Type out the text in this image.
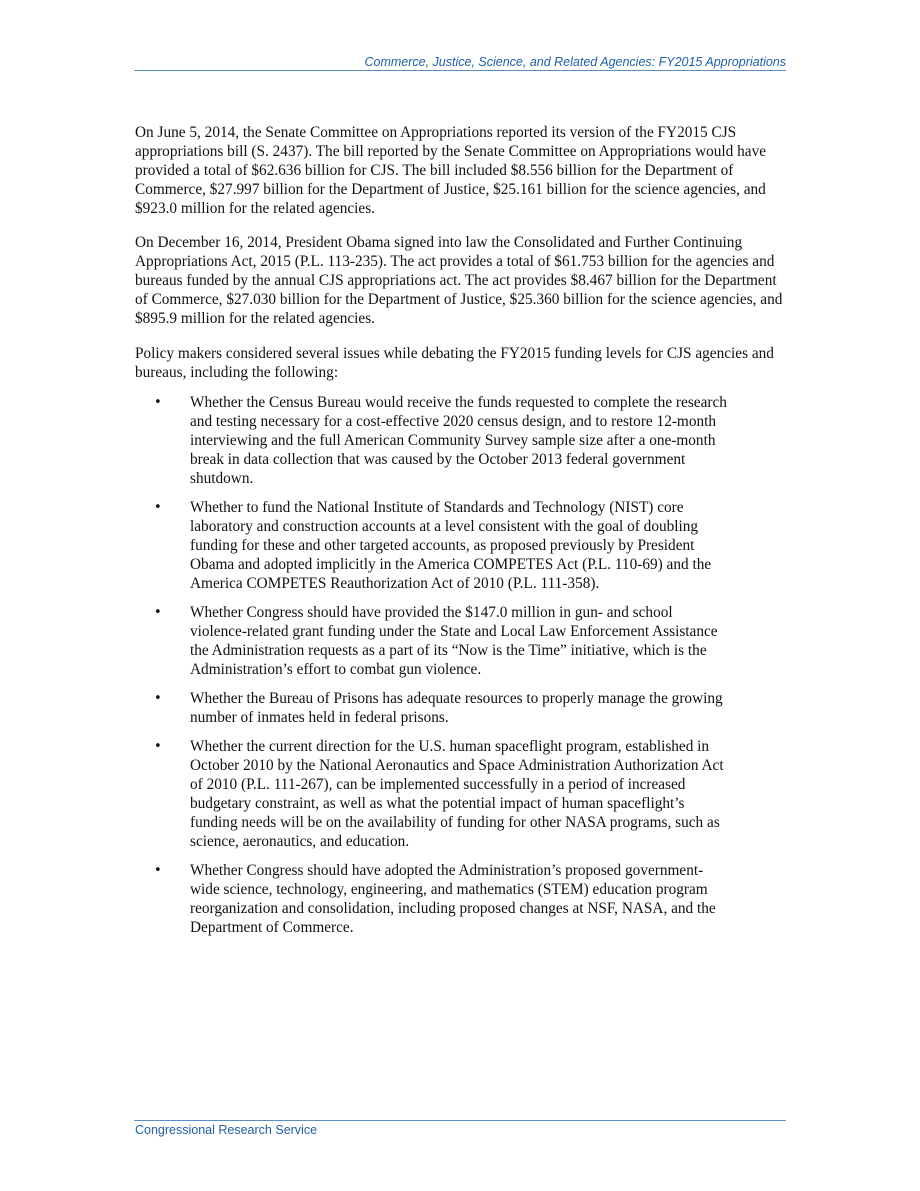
Commerce, Justice, Science, and Related Agencies: FY2015 Appropriations

On June 5, 2014, the Senate Committee on Appropriations reported its version of the FY2015 CJS appropriations bill (S. 2437). The bill reported by the Senate Committee on Appropriations would have provided a total of $62.636 billion for CJS. The bill included $8.556 billion for the Department of Commerce, $27.997 billion for the Department of Justice, $25.161 billion for the science agencies, and $923.0 million for the related agencies.

On December 16, 2014, President Obama signed into law the Consolidated and Further Continuing Appropriations Act, 2015 (P.L. 113-235). The act provides a total of $61.753 billion for the agencies and bureaus funded by the annual CJS appropriations act. The act provides $8.467 billion for the Department of Commerce, $27.030 billion for the Department of Justice, $25.360 billion for the science agencies, and $895.9 million for the related agencies.

Policy makers considered several issues while debating the FY2015 funding levels for CJS agencies and bureaus, including the following:

• Whether the Census Bureau would receive the funds requested to complete the research and testing necessary for a cost-effective 2020 census design, and to restore 12-month interviewing and the full American Community Survey sample size after a one-month break in data collection that was caused by the October 2013 federal government shutdown.
• Whether to fund the National Institute of Standards and Technology (NIST) core laboratory and construction accounts at a level consistent with the goal of doubling funding for these and other targeted accounts, as proposed previously by President Obama and adopted implicitly in the America COMPETES Act (P.L. 110-69) and the America COMPETES Reauthorization Act of 2010 (P.L. 111-358).
• Whether Congress should have provided the $147.0 million in gun- and school violence-related grant funding under the State and Local Law Enforcement Assistance the Administration requests as a part of its “Now is the Time” initiative, which is the Administration’s effort to combat gun violence.
• Whether the Bureau of Prisons has adequate resources to properly manage the growing number of inmates held in federal prisons.
• Whether the current direction for the U.S. human spaceflight program, established in October 2010 by the National Aeronautics and Space Administration Authorization Act of 2010 (P.L. 111-267), can be implemented successfully in a period of increased budgetary constraint, as well as what the potential impact of human spaceflight’s funding needs will be on the availability of funding for other NASA programs, such as science, aeronautics, and education.
• Whether Congress should have adopted the Administration’s proposed government-wide science, technology, engineering, and mathematics (STEM) education program reorganization and consolidation, including proposed changes at NSF, NASA, and the Department of Commerce.
Congressional Research Service
